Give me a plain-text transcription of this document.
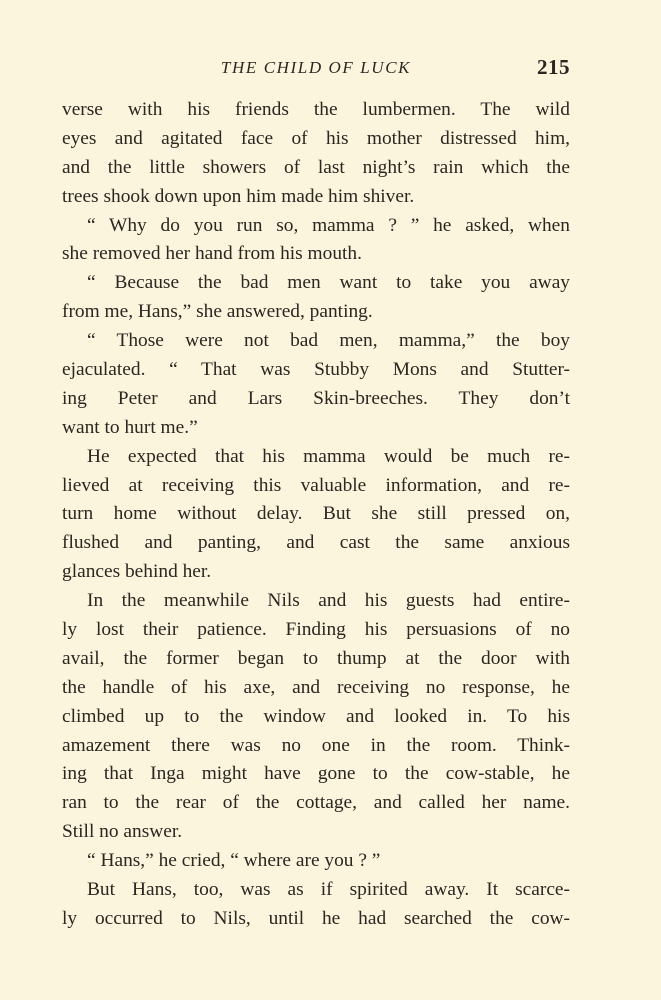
THE CHILD OF LUCK	215
verse with his friends the lumbermen. The wild
eyes and agitated face of his mother distressed him,
and the little showers of last night’s rain which the
trees shook down upon him made him shiver.
“ Why do you run so, mamma ? ” he asked, when
she removed her hand from his mouth.
“ Because the bad men want to take you away
from me, Hans,” she answered, panting.
“ Those were not bad men, mamma,” the boy
ejaculated. “ That was Stubby Mons and Stutter-
ing Peter and Lars Skin-breeches. They don’t
want to hurt me.”
He expected that his mamma would be much re-
lieved at receiving this valuable information, and re-
turn home without delay. But she still pressed on,
flushed and panting, and cast the same anxious
glances behind her.
In the meanwhile Nils and his guests had entire-
ly lost their patience. Finding his persuasions of no
avail, the former began to thump at the door with
the handle of his axe, and receiving no response, he
climbed up to the window and looked in. To his
amazement there was no one in the room. Think-
ing that Inga might have gone to the cow-stable, he
ran to the rear of the cottage, and called her name.
Still no answer.
“ Hans,” he cried, “ where are you ? ”
But Hans, too, was as if spirited away. It scarce-
ly occurred to Nils, until he had searched the cow-
